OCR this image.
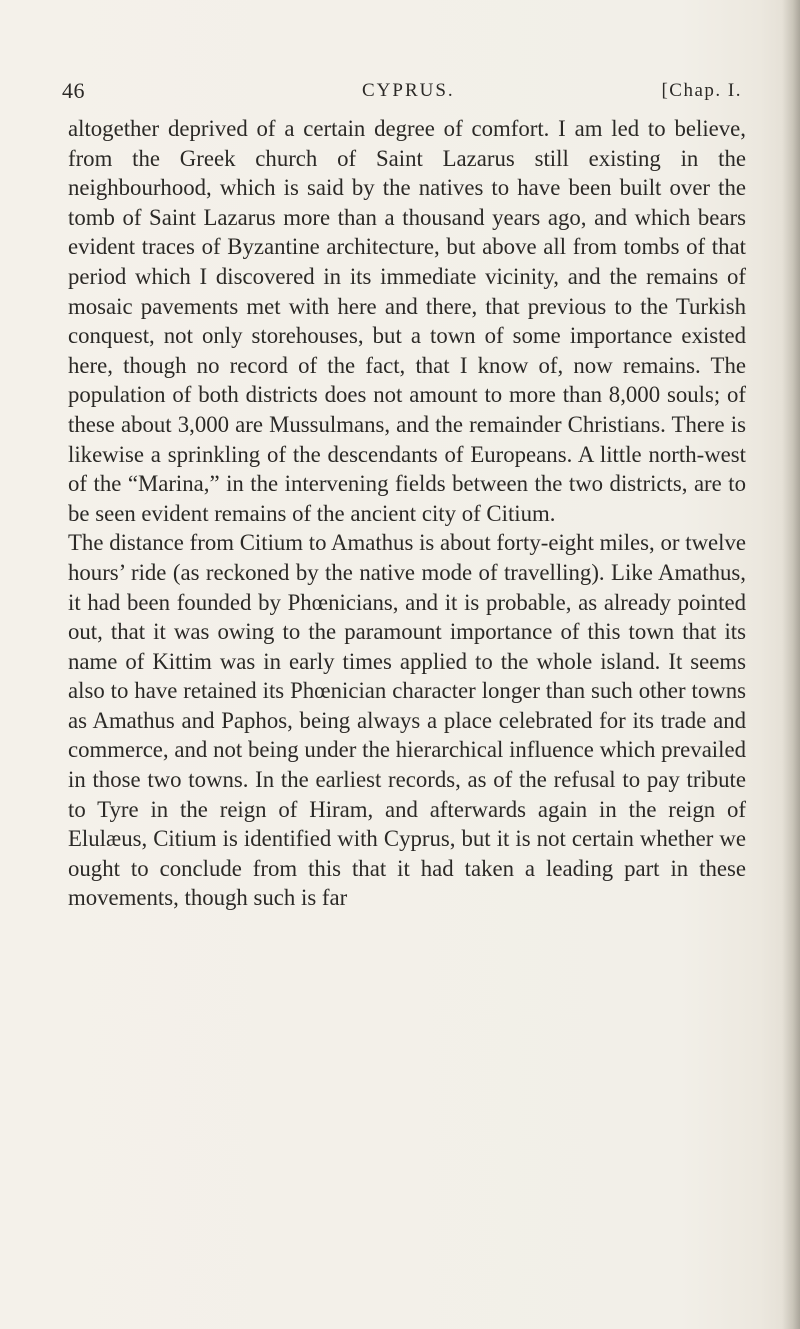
46	CYPRUS.	[Chap. I.

altogether deprived of a certain degree of comfort. I am led to believe, from the Greek church of Saint Lazarus still existing in the neighbourhood, which is said by the natives to have been built over the tomb of Saint Lazarus more than a thousand years ago, and which bears evident traces of Byzantine architecture, but above all from tombs of that period which I discovered in its immediate vicinity, and the remains of mosaic pavements met with here and there, that previous to the Turkish conquest, not only storehouses, but a town of some importance existed here, though no record of the fact, that I know of, now remains. The population of both districts does not amount to more than 8,000 souls; of these about 3,000 are Mussulmans, and the remainder Christians. There is likewise a sprinkling of the descendants of Europeans. A little north-west of the “Marina,” in the intervening fields between the two districts, are to be seen evident remains of the ancient city of Citium.

The distance from Citium to Amathus is about forty-eight miles, or twelve hours’ ride (as reckoned by the native mode of travelling). Like Amathus, it had been founded by Phœnicians, and it is probable, as already pointed out, that it was owing to the paramount importance of this town that its name of Kittim was in early times applied to the whole island. It seems also to have retained its Phœnician character longer than such other towns as Amathus and Paphos, being always a place celebrated for its trade and commerce, and not being under the hierarchical influence which prevailed in those two towns. In the earliest records, as of the refusal to pay tribute to Tyre in the reign of Hiram, and afterwards again in the reign of Elulæus, Citium is identified with Cyprus, but it is not certain whether we ought to conclude from this that it had taken a leading part in these movements, though such is far
